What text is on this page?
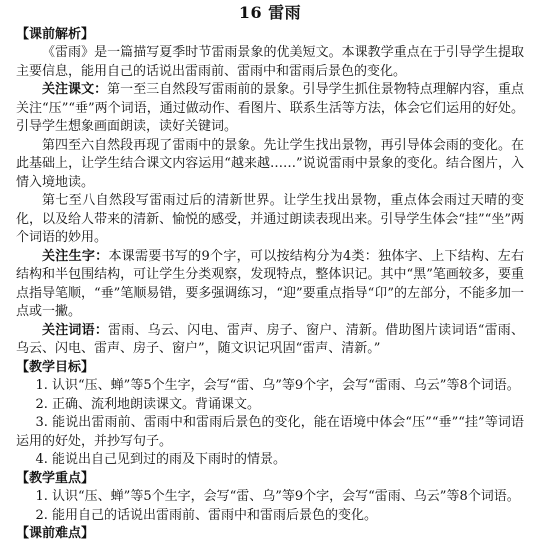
16 雷雨
【课前解析】

《雷雨》是一篇描写夏季时节雷雨景象的优美短文。本课教学重点在于引导学生提取主要信息，能用自己的话说出雷雨前、雷雨中和雷雨后景色的变化。

关注课文：第一至三自然段写雷雨前的景象。引导学生抓住景物特点理解内容，重点关注“压”“垂”两个词语，通过做动作、看图片、联系生活等方法，体会它们运用的好处。引导学生想象画面朗读，读好关键词。

第四至六自然段再现了雷雨中的景象。先让学生找出景物，再引导体会雨的变化。在此基础上，让学生结合课文内容运用“越来越……”说说雷雨中景象的变化。结合图片，入情入境地读。

第七至八自然段写雷雨过后的清新世界。让学生找出景物，重点体会雨过天晴的变化，以及给人带来的清新、愉悦的感受，并通过朗读表现出来。引导学生体会“挂”“坐”两个词语的妙用。

关注生字：本课需要书写的9个字，可以按结构分为4类：独体字、上下结构、左右结构和半包围结构，可让学生分类观察，发现特点，整体识记。其中“黑”笔画较多，要重点指导笔顺，“垂”笔顺易错，要多强调练习，“迎”要重点指导“卬”的左部分，不能多加一点或一撇。

关注词语：雷雨、乌云、闪电、雷声、房子、窗户、清新。借助图片读词语“雷雨、乌云、闪电、雷声、房子、窗户”，随文识记巩固“雷声、清新。”

【教学目标】

1. 认识“压、蝉”等5个生字，会写“雷、乌”等9个字，会写“雷雨、乌云”等8个词语。

2. 正确、流利地朗读课文。背诵课文。

3. 能说出雷雨前、雷雨中和雷雨后景色的变化，能在语境中体会“压”“垂”“挂”等词语运用的好处，并抄写句子。

4. 能说出自己见到过的雨及下雨时的情景。

【教学重点】

1. 认识“压、蝉”等5个生字，会写“雷、乌”等9个字，会写“雷雨、乌云”等8个词语。

2. 能用自己的话说出雷雨前、雷雨中和雷雨后景色的变化。

【课前难点】
